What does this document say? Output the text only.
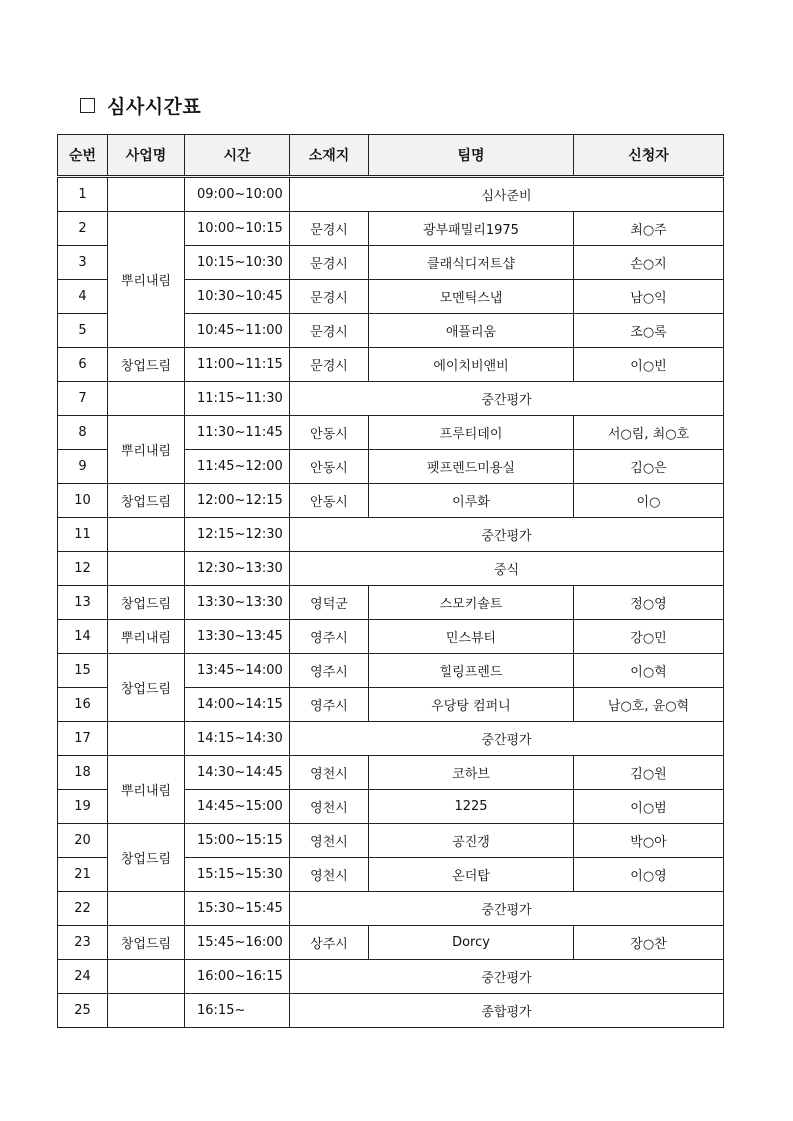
심사시간표
순번	사업명	시간	소재지	팀명	신청자
1		09:00~10:00	심사준비		
2	뿌리내림	10:00~10:15	문경시	광부패밀리1975	최○주
3		10:15~10:30	문경시	클래식디저트샵	손○지
4		10:30~10:45	문경시	모멘틱스냅	남○익
5		10:45~11:00	문경시	애플리움	조○록
6	창업드림	11:00~11:15	문경시	에이치비앤비	이○빈
7		11:15~11:30	중간평가		
8	뿌리내림	11:30~11:45	안동시	프루티데이	서○림, 최○호
9		11:45~12:00	안동시	펫프렌드미용실	김○은
10	창업드림	12:00~12:15	안동시	이루화	이○
11		12:15~12:30	중간평가		
12		12:30~13:30	중식		
13	창업드림	13:30~13:30	영덕군	스모키솔트	정○영
14	뿌리내림	13:30~13:45	영주시	민스뷰티	강○민
15	창업드림	13:45~14:00	영주시	힐링프렌드	이○혁
16		14:00~14:15	영주시	우당탕 컴퍼니	남○호, 윤○혁
17		14:15~14:30	중간평가		
18	뿌리내림	14:30~14:45	영천시	코하브	김○원
19		14:45~15:00	영천시	1225	이○범
20	창업드림	15:00~15:15	영천시	공진갱	박○아
21		15:15~15:30	영천시	온더탑	이○영
22		15:30~15:45	중간평가		
23	창업드림	15:45~16:00	상주시	Dorcy	장○찬
24		16:00~16:15	중간평가		
25		16:15~	종합평가		
